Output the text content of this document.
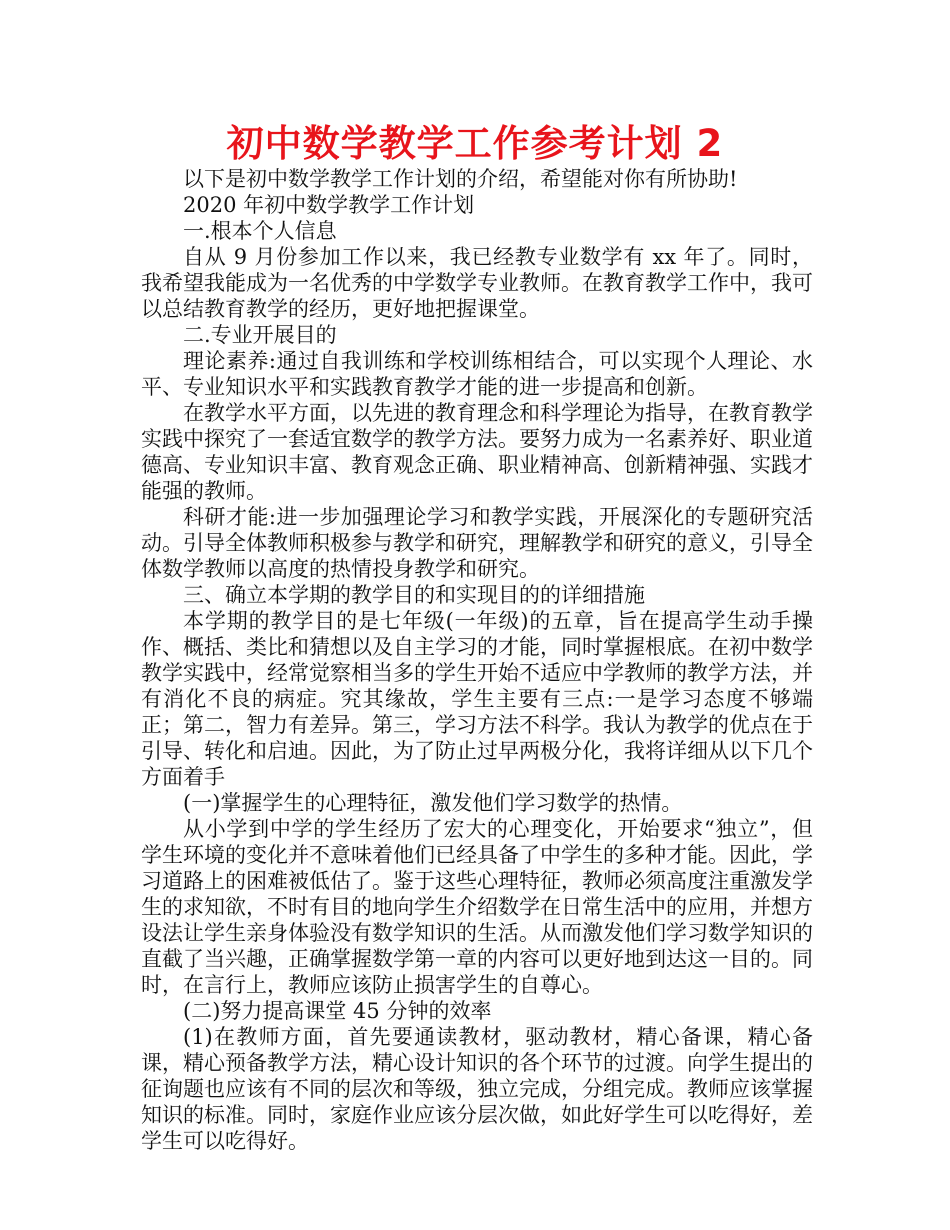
初中数学教学工作参考计划 2

以下是初中数学教学工作计划的介绍，希望能对你有所协助!

2020 年初中数学教学工作计划

一.根本个人信息

自从 9 月份参加工作以来，我已经教专业数学有 xx 年了。同时，我希望我能成为一名优秀的中学数学专业教师。在教育教学工作中，我可以总结教育教学的经历，更好地把握课堂。

二.专业开展目的

理论素养:通过自我训练和学校训练相结合，可以实现个人理论、水平、专业知识水平和实践教育教学才能的进一步提高和创新。

在教学水平方面，以先进的教育理念和科学理论为指导，在教育教学实践中探究了一套适宜数学的教学方法。要努力成为一名素养好、职业道德高、专业知识丰富、教育观念正确、职业精神高、创新精神强、实践才能强的教师。

科研才能:进一步加强理论学习和教学实践，开展深化的专题研究活动。引导全体教师积极参与教学和研究，理解教学和研究的意义，引导全体数学教师以高度的热情投身教学和研究。

三、确立本学期的教学目的和实现目的的详细措施

本学期的教学目的是七年级(一年级)的五章，旨在提高学生动手操作、概括、类比和猜想以及自主学习的才能，同时掌握根底。在初中数学教学实践中，经常觉察相当多的学生开始不适应中学教师的教学方法，并有消化不良的病症。究其缘故，学生主要有三点:一是学习态度不够端正；第二，智力有差异。第三，学习方法不科学。我认为教学的优点在于引导、转化和启迪。因此，为了防止过早两极分化，我将详细从以下几个方面着手

(一)掌握学生的心理特征，激发他们学习数学的热情。

从小学到中学的学生经历了宏大的心理变化，开始要求“独立”，但学生环境的变化并不意味着他们已经具备了中学生的多种才能。因此，学习道路上的困难被低估了。鉴于这些心理特征，教师必须高度注重激发学生的求知欲，不时有目的地向学生介绍数学在日常生活中的应用，并想方设法让学生亲身体验没有数学知识的生活。从而激发他们学习数学知识的直截了当兴趣，正确掌握数学第一章的内容可以更好地到达这一目的。同时，在言行上，教师应该防止损害学生的自尊心。

(二)努力提高课堂 45 分钟的效率

(1)在教师方面，首先要通读教材，驱动教材，精心备课，精心备课，精心预备教学方法，精心设计知识的各个环节的过渡。向学生提出的征询题也应该有不同的层次和等级，独立完成，分组完成。教师应该掌握知识的标准。同时，家庭作业应该分层次做，如此好学生可以吃得好，差学生可以吃得好。
